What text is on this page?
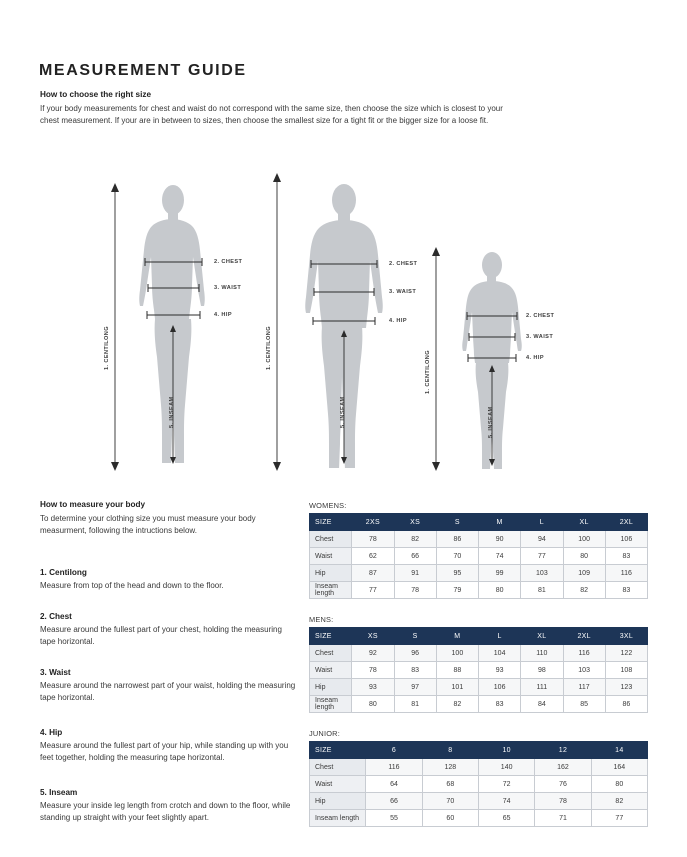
MEASUREMENT GUIDE
How to choose the right size
If your body measurements for chest and waist do not correspond with the same size, then choose the size which is closest to your chest measurement. If your are in between to sizes, then choose the smallest size for a tight fit or the bigger size for a loose fit.
1. CENTILONG
2. CHEST
3. WAIST
4. HIP
5. INSEAM
1. CENTILONG
2. CHEST
3. WAIST
4. HIP
5. INSEAM
1. CENTILONG
2. CHEST
3. WAIST
4. HIP
5. INSEAM
How to measure your body
To determine your clothing size you must measure your body measurment, following the intructions below.

1. Centilong

Measure from top of the head and down to the floor.

2. Chest

Measure around the fullest part of your chest, holding the measuring tape horizontal.

3. Waist

Measure around the narrowest part of your waist, holding the measuring tape horizontal.

4. Hip

Measure around the fullest part of your hip, while standing up with you feet together, holding the measuring tape horizontal.

5. Inseam

Measure your inside leg length from crotch and down to the floor, while standing up straight with your feet slightly apart.

WOMENS:
SIZE	2XS	XS	S	M	L	XL	2XL
Chest	78	82	86	90	94	100	106
Waist	62	66	70	74	77	80	83
Hip	87	91	95	99	103	109	116
Inseam length	77	78	79	80	81	82	83
MENS:
SIZE	XS	S	M	L	XL	2XL	3XL
Chest	92	96	100	104	110	116	122
Waist	78	83	88	93	98	103	108
Hip	93	97	101	106	111	117	123
Inseam length	80	81	82	83	84	85	86
JUNIOR:
SIZE	6	8	10	12	14
Chest	116	128	140	162	164
Waist	64	68	72	76	80
Hip	66	70	74	78	82
Inseam length	55	60	65	71	77
